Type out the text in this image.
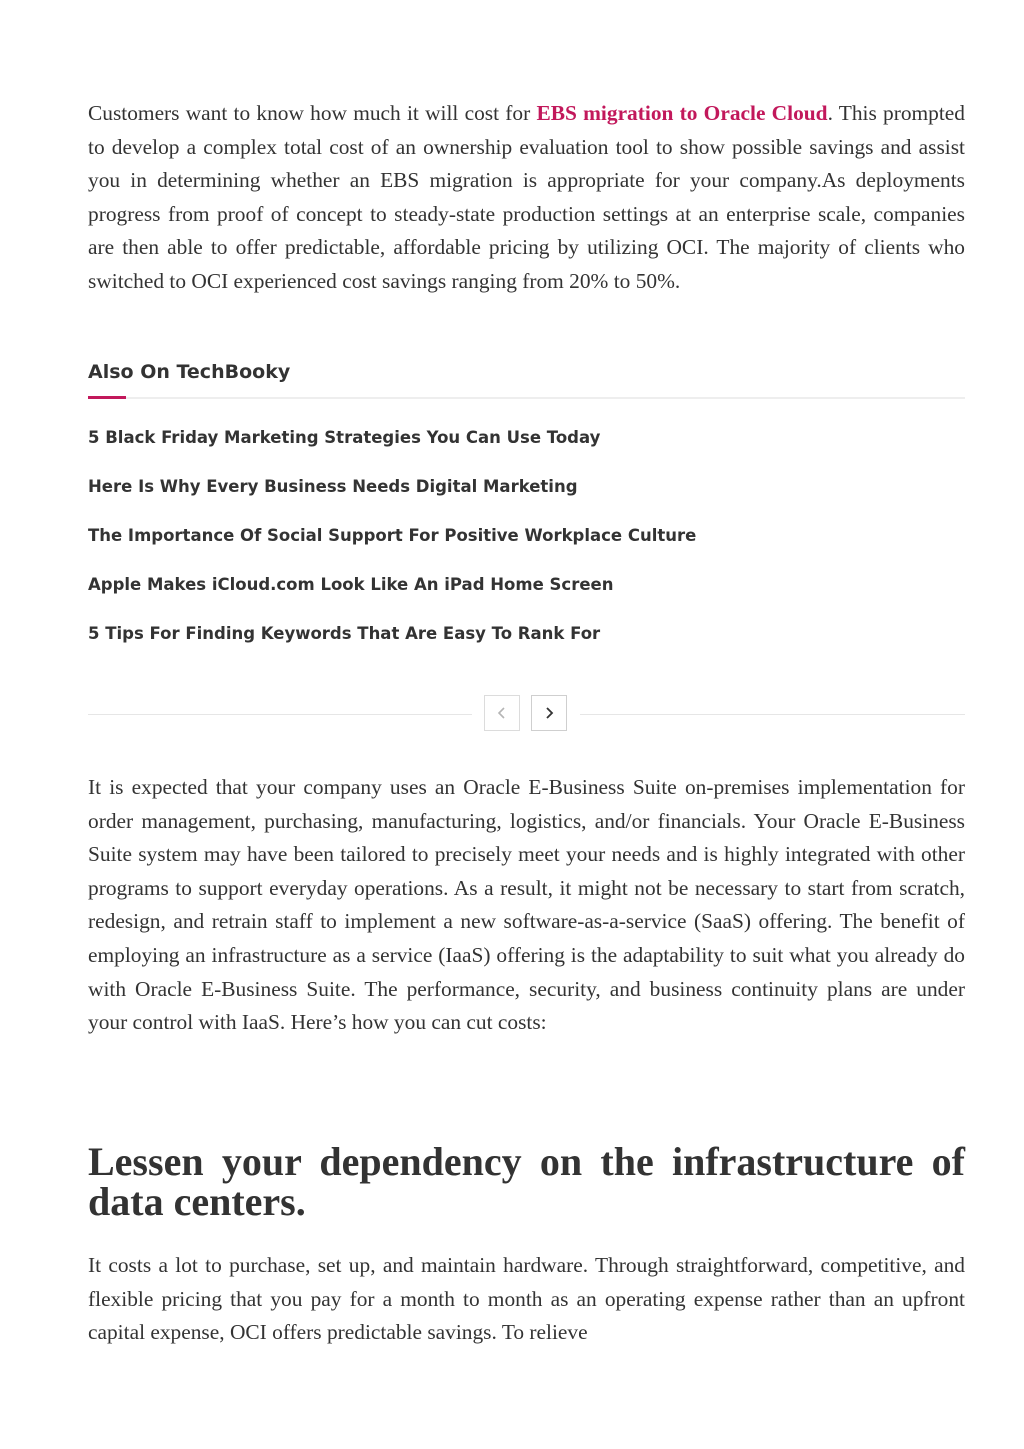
Customers want to know how much it will cost for EBS migration to Oracle Cloud. This prompted to develop a complex total cost of an ownership evaluation tool to show possible savings and assist you in determining whether an EBS migration is appropriate for your company.As deployments progress from proof of concept to steady-state production settings at an enterprise scale, companies are then able to offer predictable, affordable pricing by utilizing OCI. The majority of clients who switched to OCI experienced cost savings ranging from 20% to 50%.

Also On TechBooky
5 Black Friday Marketing Strategies You Can Use Today
Here Is Why Every Business Needs Digital Marketing
The Importance Of Social Support For Positive Workplace Culture
Apple Makes iCloud.com Look Like An iPad Home Screen
5 Tips For Finding Keywords That Are Easy To Rank For

It is expected that your company uses an Oracle E-Business Suite on-premises implementation for order management, purchasing, manufacturing, logistics, and/or financials. Your Oracle E-Business Suite system may have been tailored to precisely meet your needs and is highly integrated with other programs to support everyday operations. As a result, it might not be necessary to start from scratch, redesign, and retrain staff to implement a new software-as-a-service (SaaS) offering. The benefit of employing an infrastructure as a service (IaaS) offering is the adaptability to suit what you already do with Oracle E-Business Suite. The performance, security, and business continuity plans are under your control with IaaS. Here’s how you can cut costs:

Lessen your dependency on the infrastructure of data centers.

It costs a lot to purchase, set up, and maintain hardware. Through straightforward, competitive, and flexible pricing that you pay for a month to month as an operating expense rather than an upfront capital expense, OCI offers predictable savings. To relieve
